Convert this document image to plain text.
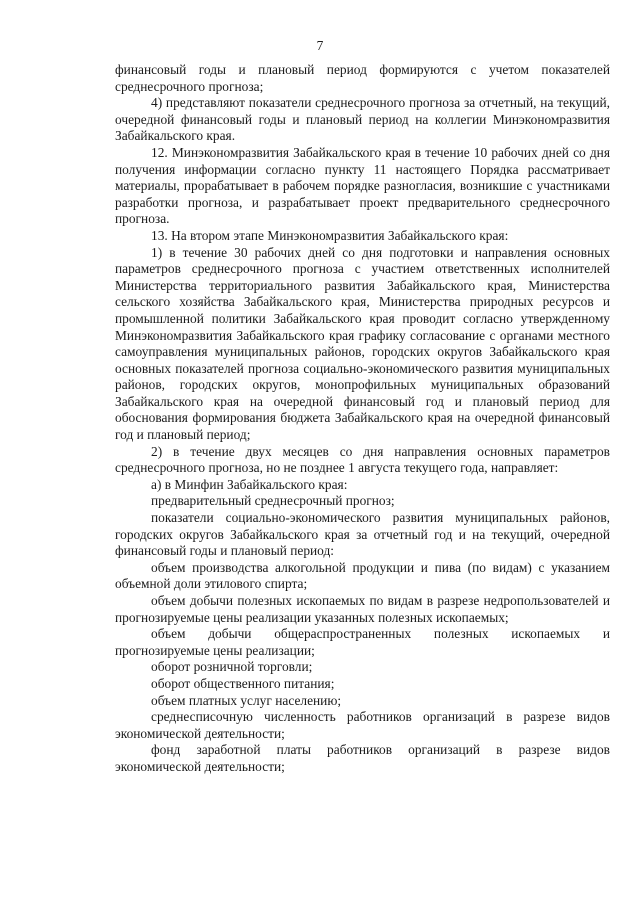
7

финансовый годы и плановый период формируются с учетом показателей среднесрочного прогноза;

4) представляют показатели среднесрочного прогноза за отчетный, на текущий, очередной финансовый годы и плановый период на коллегии Минэкономразвития Забайкальского края.

12. Минэкономразвития Забайкальского края в течение 10 рабочих дней со дня получения информации согласно пункту 11 настоящего Порядка рассматривает материалы, прорабатывает в рабочем порядке разногласия, возникшие с участниками разработки прогноза, и разрабатывает проект предварительного среднесрочного прогноза.

13. На втором этапе Минэкономразвития Забайкальского края:

1) в течение 30 рабочих дней со дня подготовки и направления основных параметров среднесрочного прогноза с участием ответственных исполнителей Министерства территориального развития Забайкальского края, Министерства сельского хозяйства Забайкальского края, Министерства природных ресурсов и промышленной политики Забайкальского края проводит согласно утвержденному Минэкономразвития Забайкальского края графику согласование с органами местного самоуправления муниципальных районов, городских округов Забайкальского края основных показателей прогноза социально-экономического развития муниципальных районов, городских округов, монопрофильных муниципальных образований Забайкальского края на очередной финансовый год и плановый период для обоснования формирования бюджета Забайкальского края на очередной финансовый год и плановый период;

2) в течение двух месяцев со дня направления основных параметров среднесрочного прогноза, но не позднее 1 августа текущего года, направляет:

а) в Минфин Забайкальского края:

предварительный среднесрочный прогноз;

показатели социально-экономического развития муниципальных районов, городских округов Забайкальского края за отчетный год и на текущий, очередной финансовый годы и плановый период:

объем производства алкогольной продукции и пива (по видам) с указанием объемной доли этилового спирта;

объем добычи полезных ископаемых по видам в разрезе недропользователей и прогнозируемые цены реализации указанных полезных ископаемых;

объем добычи общераспространенных полезных ископаемых и прогнозируемые цены реализации;

оборот розничной торговли;

оборот общественного питания;

объем платных услуг населению;

среднесписочную численность работников организаций в разрезе видов экономической деятельности;

фонд заработной платы работников организаций в разрезе видов экономической деятельности;
